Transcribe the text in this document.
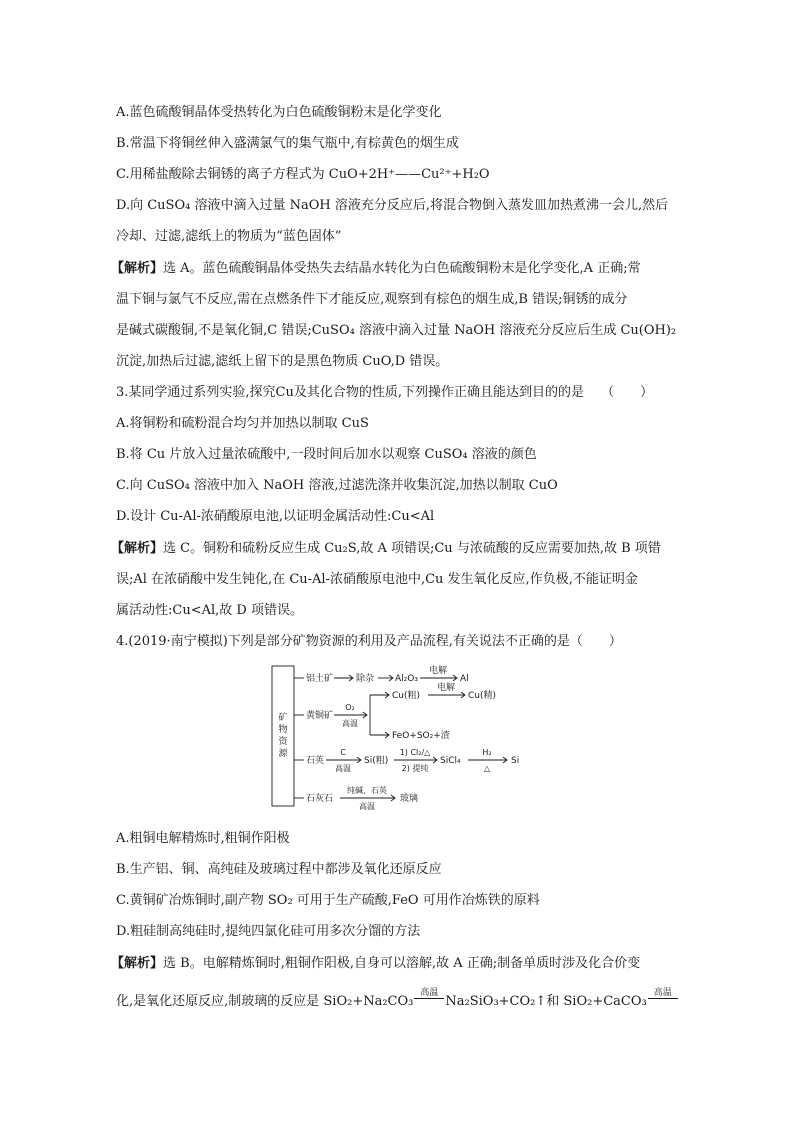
A.蓝色硫酸铜晶体受热转化为白色硫酸铜粉末是化学变化
B.常温下将铜丝伸入盛满氯气的集气瓶中,有棕黄色的烟生成
C.用稀盐酸除去铜锈的离子方程式为 CuO+2H⁺——Cu²⁺+H₂O
D.向 CuSO₄ 溶液中滴入过量 NaOH 溶液充分反应后,将混合物倒入蒸发皿加热煮沸一会儿,然后
冷却、过滤,滤纸上的物质为“蓝色固体”
【解析】选 A。蓝色硫酸铜晶体受热失去结晶水转化为白色硫酸铜粉末是化学变化,A 正确;常
温下铜与氯气不反应,需在点燃条件下才能反应,观察到有棕色的烟生成,B 错误;铜锈的成分
是碱式碳酸铜,不是氧化铜,C 错误;CuSO₄ 溶液中滴入过量 NaOH 溶液充分反应后生成 Cu(OH)₂
沉淀,加热后过滤,滤纸上留下的是黑色物质 CuO,D 错误。
3.某同学通过系列实验,探究Cu及其化合物的性质,下列操作正确且能达到目的的是　 （　　）
A.将铜粉和硫粉混合均匀并加热以制取 CuS
B.将 Cu 片放入过量浓硫酸中,一段时间后加水以观察 CuSO₄ 溶液的颜色
C.向 CuSO₄ 溶液中加入 NaOH 溶液,过滤洗涤并收集沉淀,加热以制取 CuO
D.设计 Cu-Al-浓硝酸原电池,以证明金属活动性:Cu<Al
【解析】选 C。铜粉和硫粉反应生成 Cu₂S,故 A 项错误;Cu 与浓硫酸的反应需要加热,故 B 项错
误;Al 在浓硝酸中发生钝化,在 Cu-Al-浓硝酸原电池中,Cu 发生氧化反应,作负极,不能证明金
属活动性:Cu<Al,故 D 项错误。
4.(2019·南宁模拟)下列是部分矿物资源的利用及产品流程,有关说法不正确的是（　　）
矿
物
资
源
铝土矿	除杂 Al₂O₃
电解
Al
黄铜矿
O₂
高温
Cu(粗)
电解
Cu(精)
FeO+SO₂+渣
石英
C
高温
Si(粗)
1) Cl₂/△
2) 提纯
SiCl₄
H₂
△
Si
石灰石
纯碱、石英
高温
玻璃
A.粗铜电解精炼时,粗铜作阳极
B.生产铝、铜、高纯硅及玻璃过程中都涉及氧化还原反应
C.黄铜矿冶炼铜时,副产物 SO₂ 可用于生产硫酸,FeO 可用作冶炼铁的原料
D.粗硅制高纯硅时,提纯四氯化硅可用多次分馏的方法
【解析】选 B。电解精炼铜时,粗铜作阳极,自身可以溶解,故 A 正确;制备单质时涉及化合价变
化,是氧化还原反应,制玻璃的反应是 SiO₂+Na₂CO₃
高温
Na₂SiO₃+CO₂↑和 SiO₂+CaCO₃
高温
